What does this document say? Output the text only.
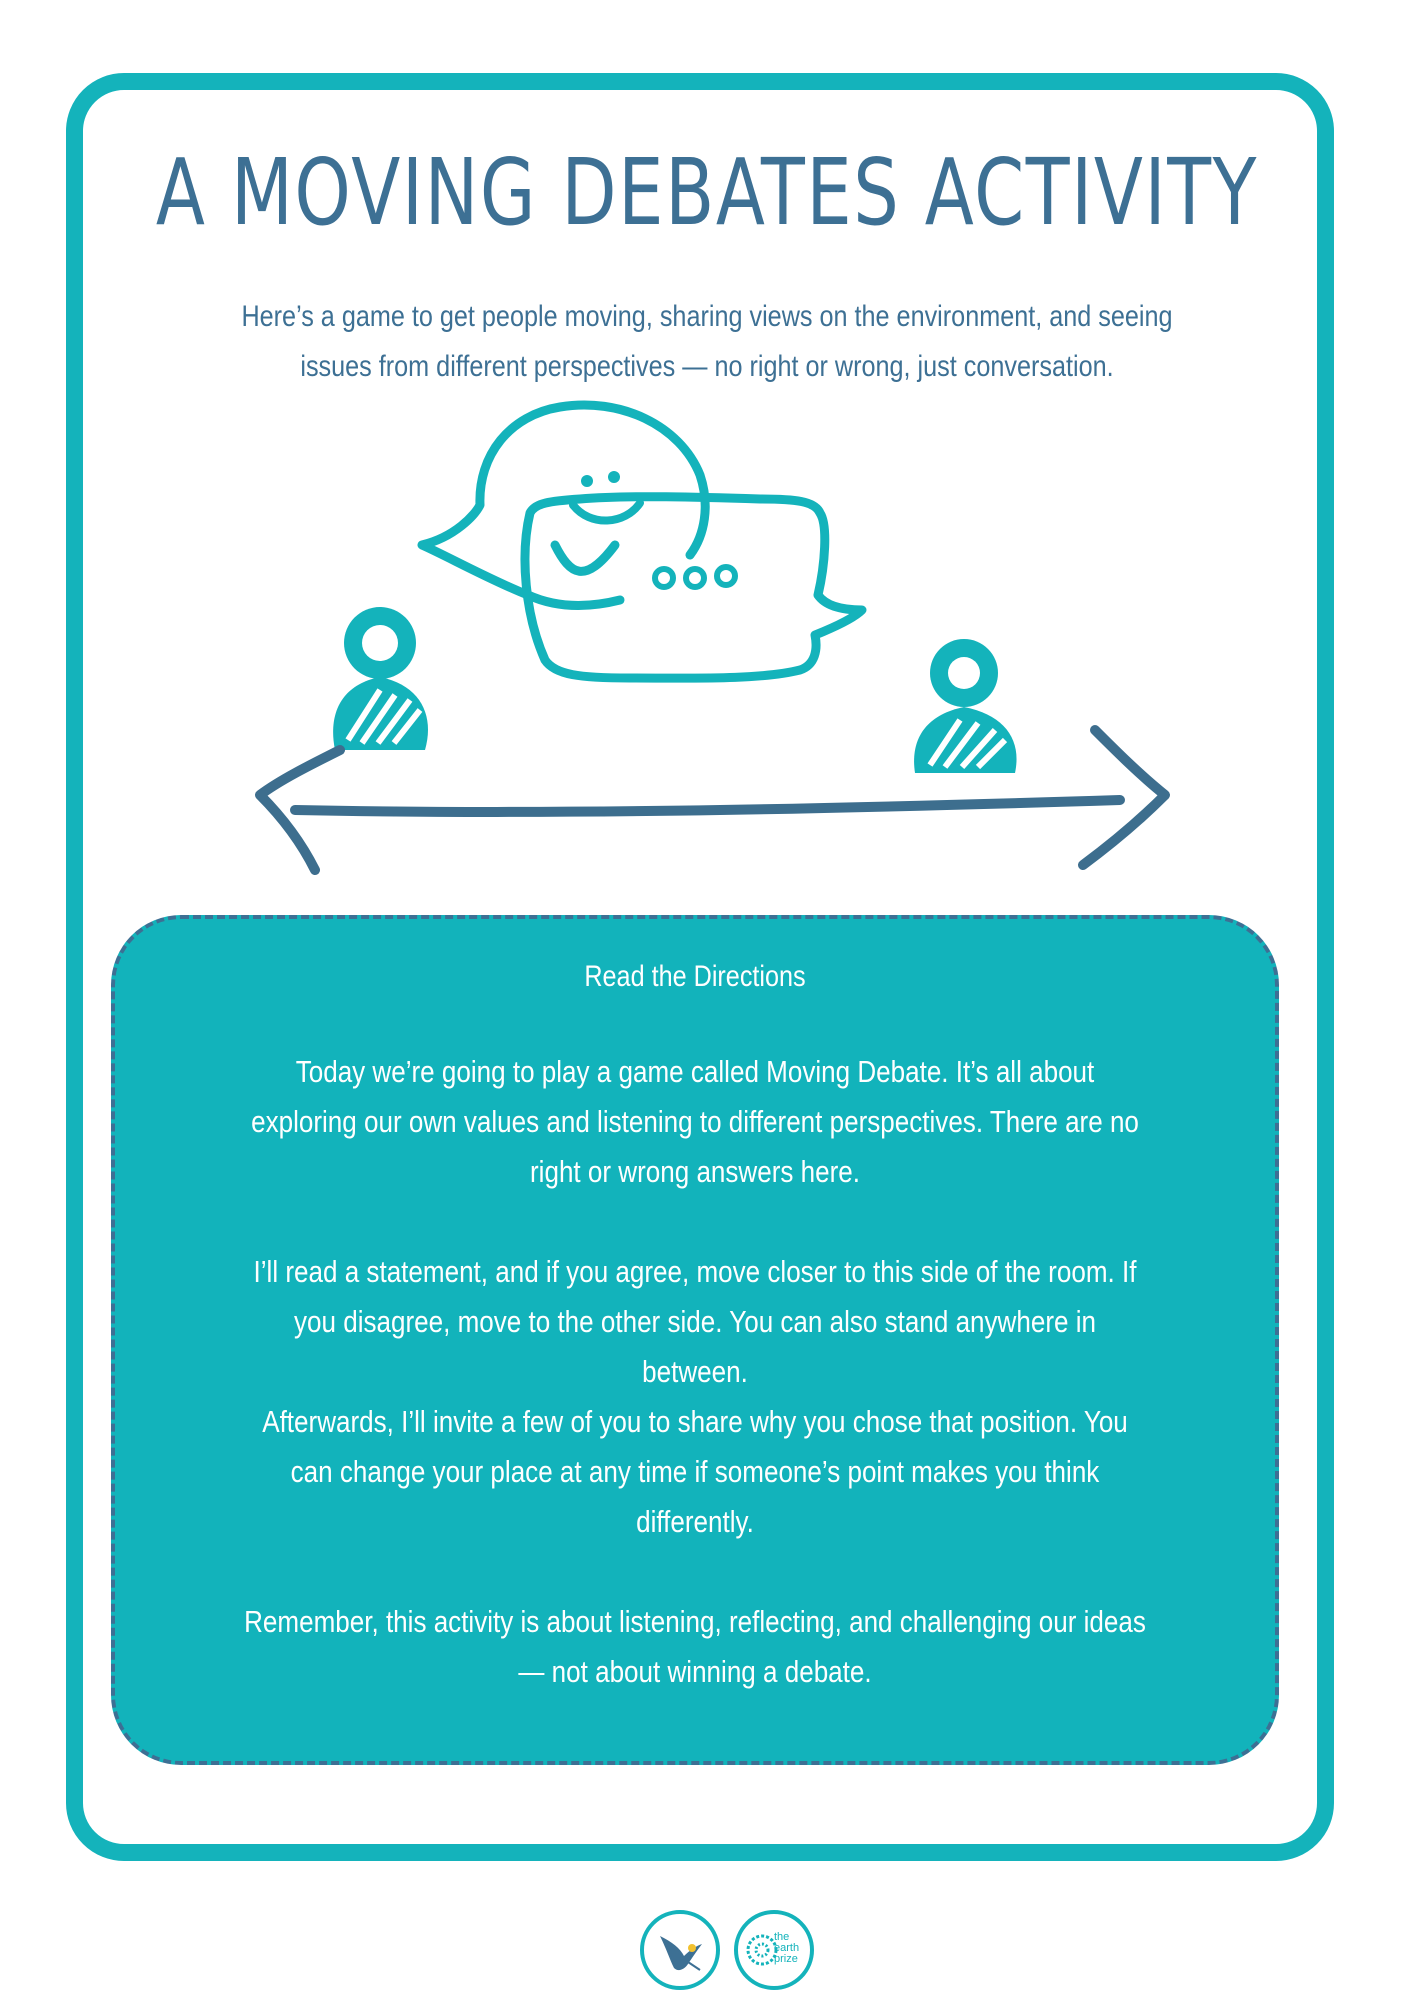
A MOVING DEBATES ACTIVITY

Here’s a game to get people moving, sharing views on the environment, and seeing issues from different perspectives — no right or wrong, just conversation.

Read the Directions

Today we’re going to play a game called Moving Debate. It’s all about exploring our own values and listening to different perspectives. There are no right or wrong answers here.

I’ll read a statement, and if you agree, move closer to this side of the room. If you disagree, move to the other side. You can also stand anywhere in between.

Afterwards, I’ll invite a few of you to share why you chose that position. You can change your place at any time if someone’s point makes you think differently.

Remember, this activity is about listening, reflecting, and challenging our ideas — not about winning a debate.

the
earth
prize
